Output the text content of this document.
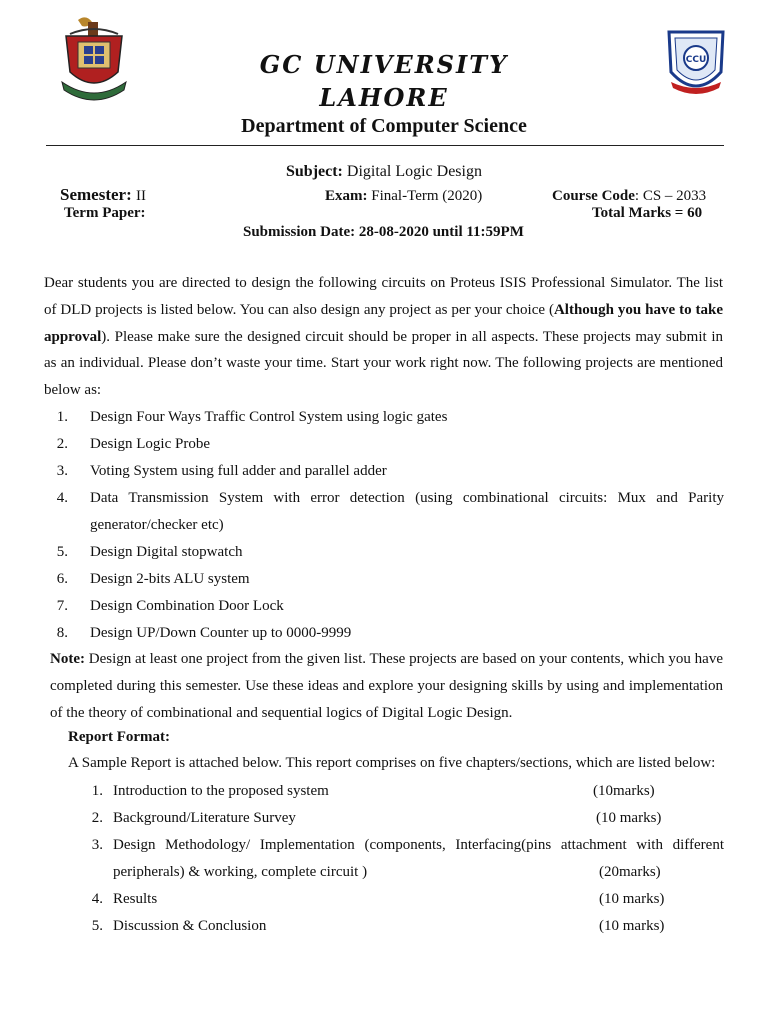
CCU
GC UNIVERSITY
LAHORE
Department of Computer Science
Subject: Digital Logic Design
Semester: II	Exam: Final-Term (2020)	Course Code: CS – 2033
Term Paper:	Total Marks = 60
Submission Date: 28-08-2020 until 11:59PM
Dear students you are directed to design the following circuits on Proteus ISIS Professional Simulator. The list of DLD projects is listed below. You can also design any project as per your choice (Although you have to take approval). Please make sure the designed circuit should be proper in all aspects. These projects may submit in as an individual. Please don’t waste your time. Start your work right now. The following projects are mentioned below as:
1. Design Four Ways Traffic Control System using logic gates
2. Design Logic Probe
3. Voting System using full adder and parallel adder
4. Data Transmission System with error detection (using combinational circuits: Mux and Parity generator/checker etc)
5. Design Digital stopwatch
6. Design 2-bits ALU system
7. Design Combination Door Lock
8. Design UP/Down Counter up to 0000-9999
Note: Design at least one project from the given list. These projects are based on your contents, which you have completed during this semester. Use these ideas and explore your designing skills by using and implementation of the theory of combinational and sequential logics of Digital Logic Design.
Report Format:
A Sample Report is attached below. This report comprises on five chapters/sections, which are listed below:
1. Introduction to the proposed system	(10marks)
2. Background/Literature Survey	(10 marks)
3. Design Methodology/ Implementation (components, Interfacing(pins attachment with different peripherals) & working, complete circuit )	(20marks)
4. Results	(10 marks)
5. Discussion & Conclusion	(10 marks)
